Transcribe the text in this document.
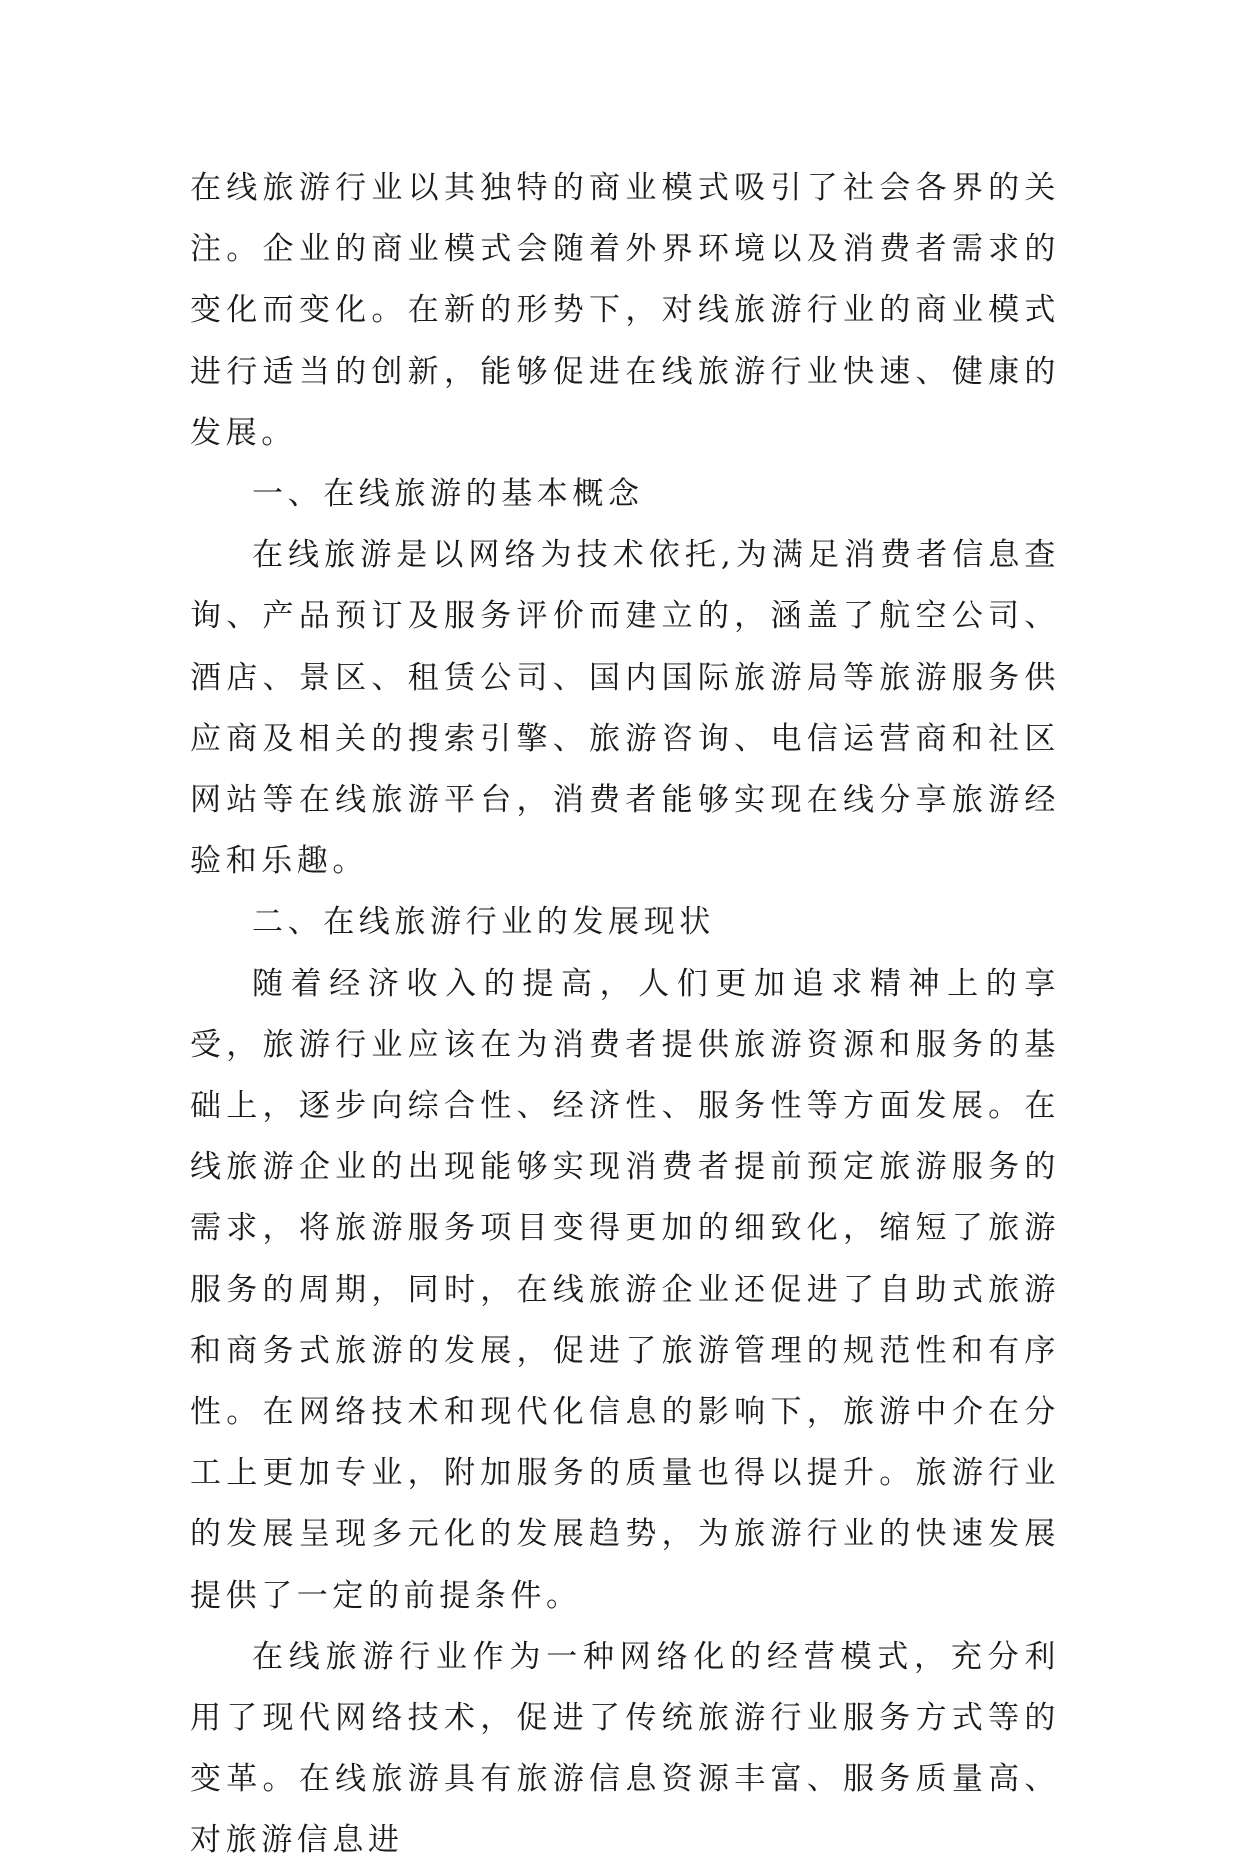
在线旅游行业以其独特的商业模式吸引了社会各界的关注。企业的商业模式会随着外界环境以及消费者需求的变化而变化。在新的形势下，对线旅游行业的商业模式进行适当的创新，能够促进在线旅游行业快速、健康的发展。

一、在线旅游的基本概念

在线旅游是以网络为技术依托,为满足消费者信息查询、产品预订及服务评价而建立的，涵盖了航空公司、酒店、景区、租赁公司、国内国际旅游局等旅游服务供应商及相关的搜索引擎、旅游咨询、电信运营商和社区网站等在线旅游平台，消费者能够实现在线分享旅游经验和乐趣。

二、在线旅游行业的发展现状

随着经济收入的提高，人们更加追求精神上的享受，旅游行业应该在为消费者提供旅游资源和服务的基础上，逐步向综合性、经济性、服务性等方面发展。在线旅游企业的出现能够实现消费者提前预定旅游服务的需求，将旅游服务项目变得更加的细致化，缩短了旅游服务的周期，同时，在线旅游企业还促进了自助式旅游和商务式旅游的发展，促进了旅游管理的规范性和有序性。在网络技术和现代化信息的影响下，旅游中介在分工上更加专业，附加服务的质量也得以提升。旅游行业的发展呈现多元化的发展趋势，为旅游行业的快速发展提供了一定的前提条件。

在线旅游行业作为一种网络化的经营模式，充分利用了现代网络技术，促进了传统旅游行业服务方式等的变革。在线旅游具有旅游信息资源丰富、服务质量高、对旅游信息进
